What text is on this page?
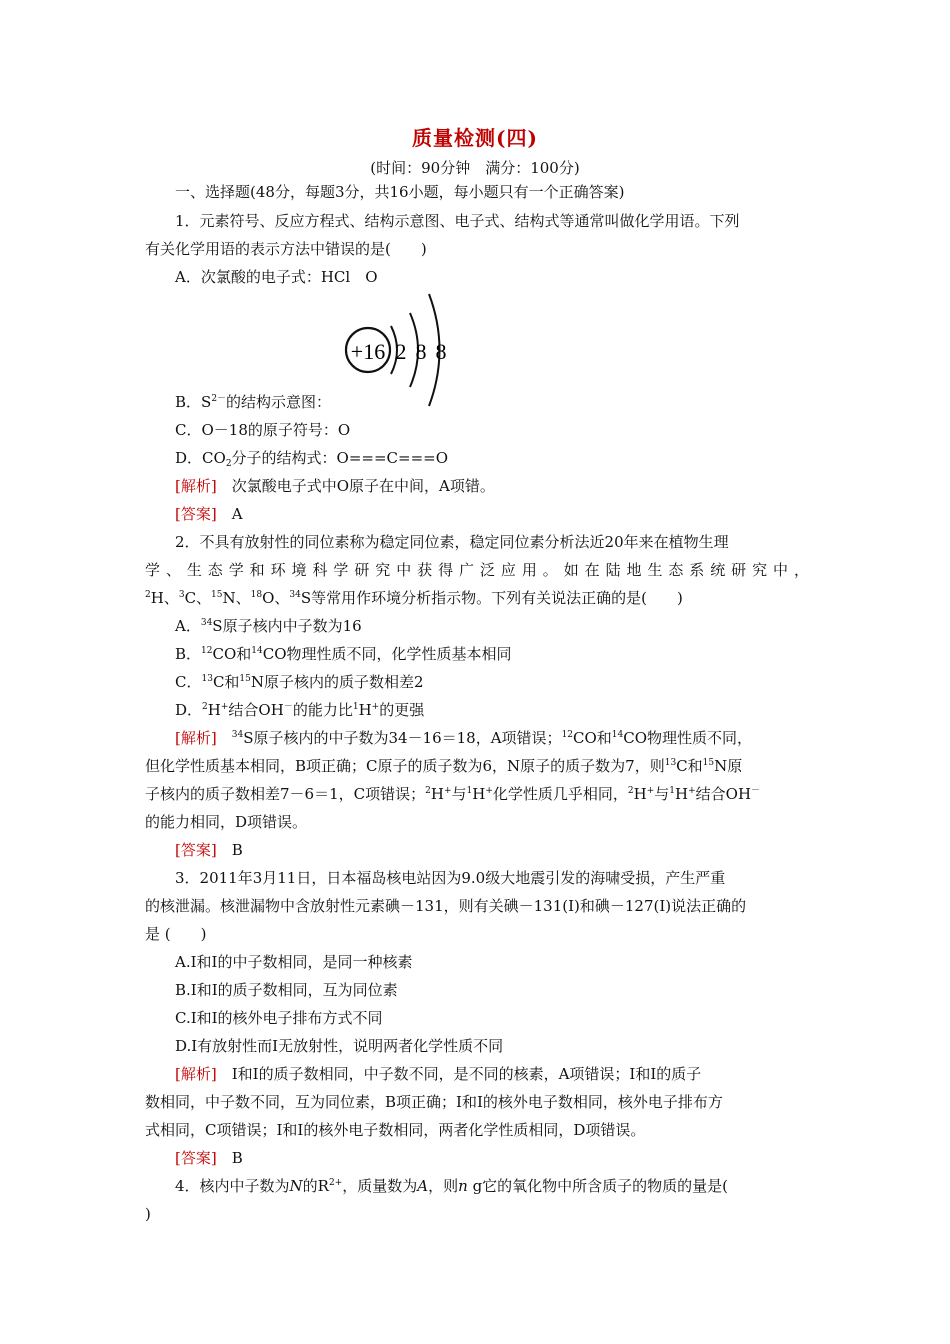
质量检测(四)
(时间：90分钟　满分：100分)
一、选择题(48分，每题3分，共16小题，每小题只有一个正确答案)
1．元素符号、反应方程式、结构示意图、电子式、结构式等通常叫做化学用语。下列
有关化学用语的表示方法中错误的是(　　)
A．次氯酸的电子式：HCl　O
+16 2 8 8
B．$S^{2-}$的结构示意图：
C．O－18的原子符号：O
D．$CO_2$分子的结构式：O===C===O
[解析]　次氯酸电子式中O原子在中间，A项错。
[答案]　A
2．不具有放射性的同位素称为稳定同位素，稳定同位素分析法近20年来在植物生理
学、生态学和环境科学研究中获得广泛应用。如在陆地生态系统研究中，
$^2$H、$^3$C、$^{15}$N、$^{18}$O、$^{34}$S等常用作环境分析指示物。下列有关说法正确的是(　　)
A．$^{34}$S原子核内中子数为16
B．$^{12}$CO和$^{14}$CO物理性质不同，化学性质基本相同
C．$^{13}$C和$^{15}$N原子核内的质子数相差2
D．$^2$H+结合OH－的能力比$^1$H+的更强
[解析]　 $^{34}$S原子核内的中子数为34－16＝18，A项错误；$^{12}$CO和$^{14}$CO物理性质不同，
但化学性质基本相同，B项正确；C原子的质子数为6，N原子的质子数为7，则$^{13}$C和$^{15}$N原
子核内的质子数相差7－6＝1，C项错误；$^2$H+与$^1$H+化学性质几乎相同，$^2$H+与$^1$H+结合OH－
的能力相同，D项错误。
[答案]　B
3．2011年3月11日，日本福岛核电站因为9.0级大地震引发的海啸受损，产生严重
的核泄漏。核泄漏物中含放射性元素碘－131，则有关碘－131(I)和碘－127(I)说法正确的
是 (　　)
A.I和I的中子数相同，是同一种核素
B.I和I的质子数相同，互为同位素
C.I和I的核外电子排布方式不同
D.I有放射性而I无放射性，说明两者化学性质不同
[解析]　I和I的质子数相同，中子数不同，是不同的核素，A项错误；I和I的质子
数相同，中子数不同，互为同位素，B项正确；I和I的核外电子数相同，核外电子排布方
式相同，C项错误；I和I的核外电子数相同，两者化学性质相同，D项错误。
[答案]　B
4．核内中子数为N的$R^{2+}$，质量数为A，则n g它的氧化物中所含质子的物质的量是(
)
